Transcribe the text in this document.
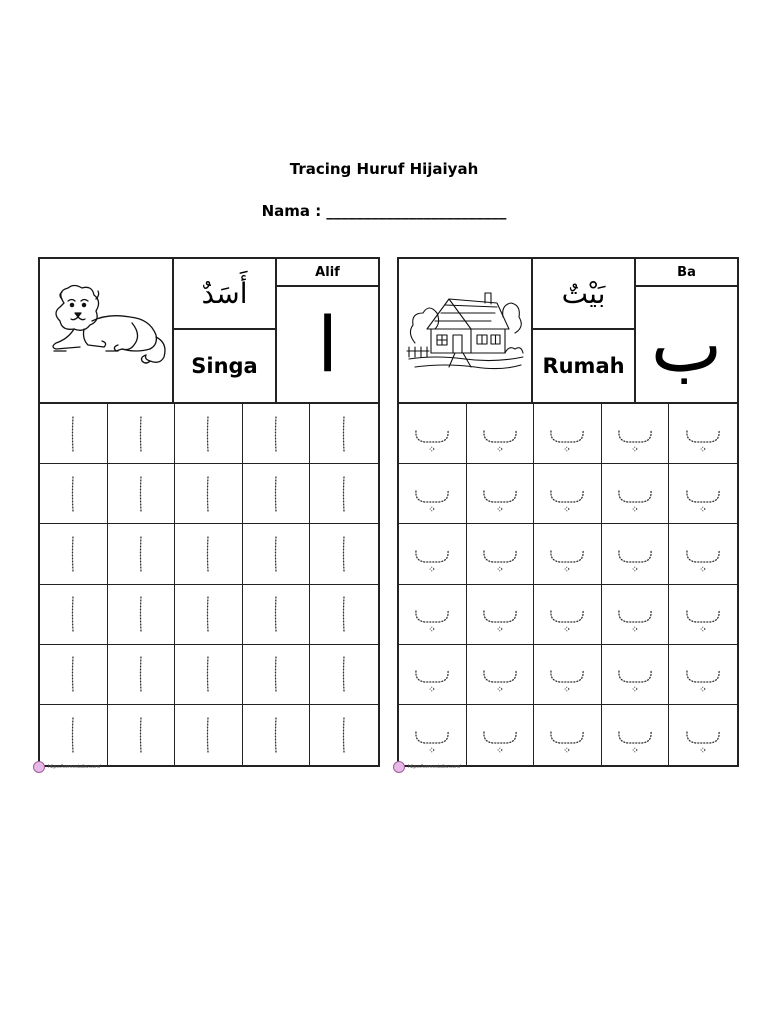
Tracing Huruf Hijaiyah
Nama : ________________________
أَسَدٌ
Singa
Alif
ا
بَيْتٌ
Rumah
Ba
ب
https://semestaibu.com/	https://semestaibu.com/
